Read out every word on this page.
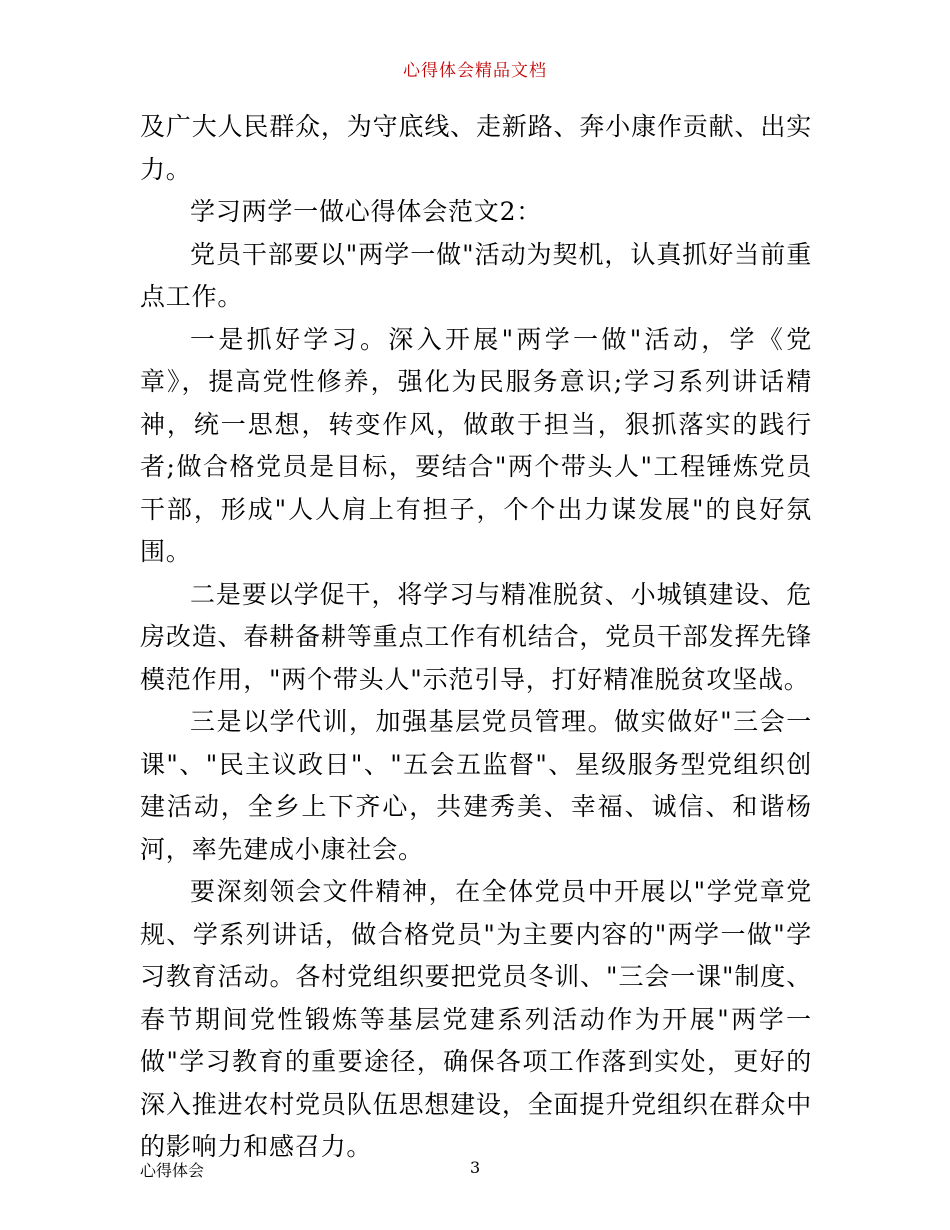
心得体会精品文档

及广大人民群众，为守底线、走新路、奔小康作贡献、出实力。

学习两学一做心得体会范文2：

党员干部要以"两学一做"活动为契机，认真抓好当前重点工作。

一是抓好学习。深入开展"两学一做"活动，学《党章》，提高党性修养，强化为民服务意识;学习系列讲话精神，统一思想，转变作风，做敢于担当，狠抓落实的践行者;做合格党员是目标，要结合"两个带头人"工程锤炼党员干部，形成"人人肩上有担子，个个出力谋发展"的良好氛围。

二是要以学促干，将学习与精准脱贫、小城镇建设、危房改造、春耕备耕等重点工作有机结合，党员干部发挥先锋模范作用，"两个带头人"示范引导，打好精准脱贫攻坚战。

三是以学代训，加强基层党员管理。做实做好"三会一课"、"民主议政日"、"五会五监督"、星级服务型党组织创建活动，全乡上下齐心，共建秀美、幸福、诚信、和谐杨河，率先建成小康社会。

要深刻领会文件精神，在全体党员中开展以"学党章党规、学系列讲话，做合格党员"为主要内容的"两学一做"学习教育活动。各村党组织要把党员冬训、"三会一课"制度、春节期间党性锻炼等基层党建系列活动作为开展"两学一做"学习教育的重要途径，确保各项工作落到实处，更好的深入推进农村党员队伍思想建设，全面提升党组织在群众中的影响力和感召力。

心得体会	3
